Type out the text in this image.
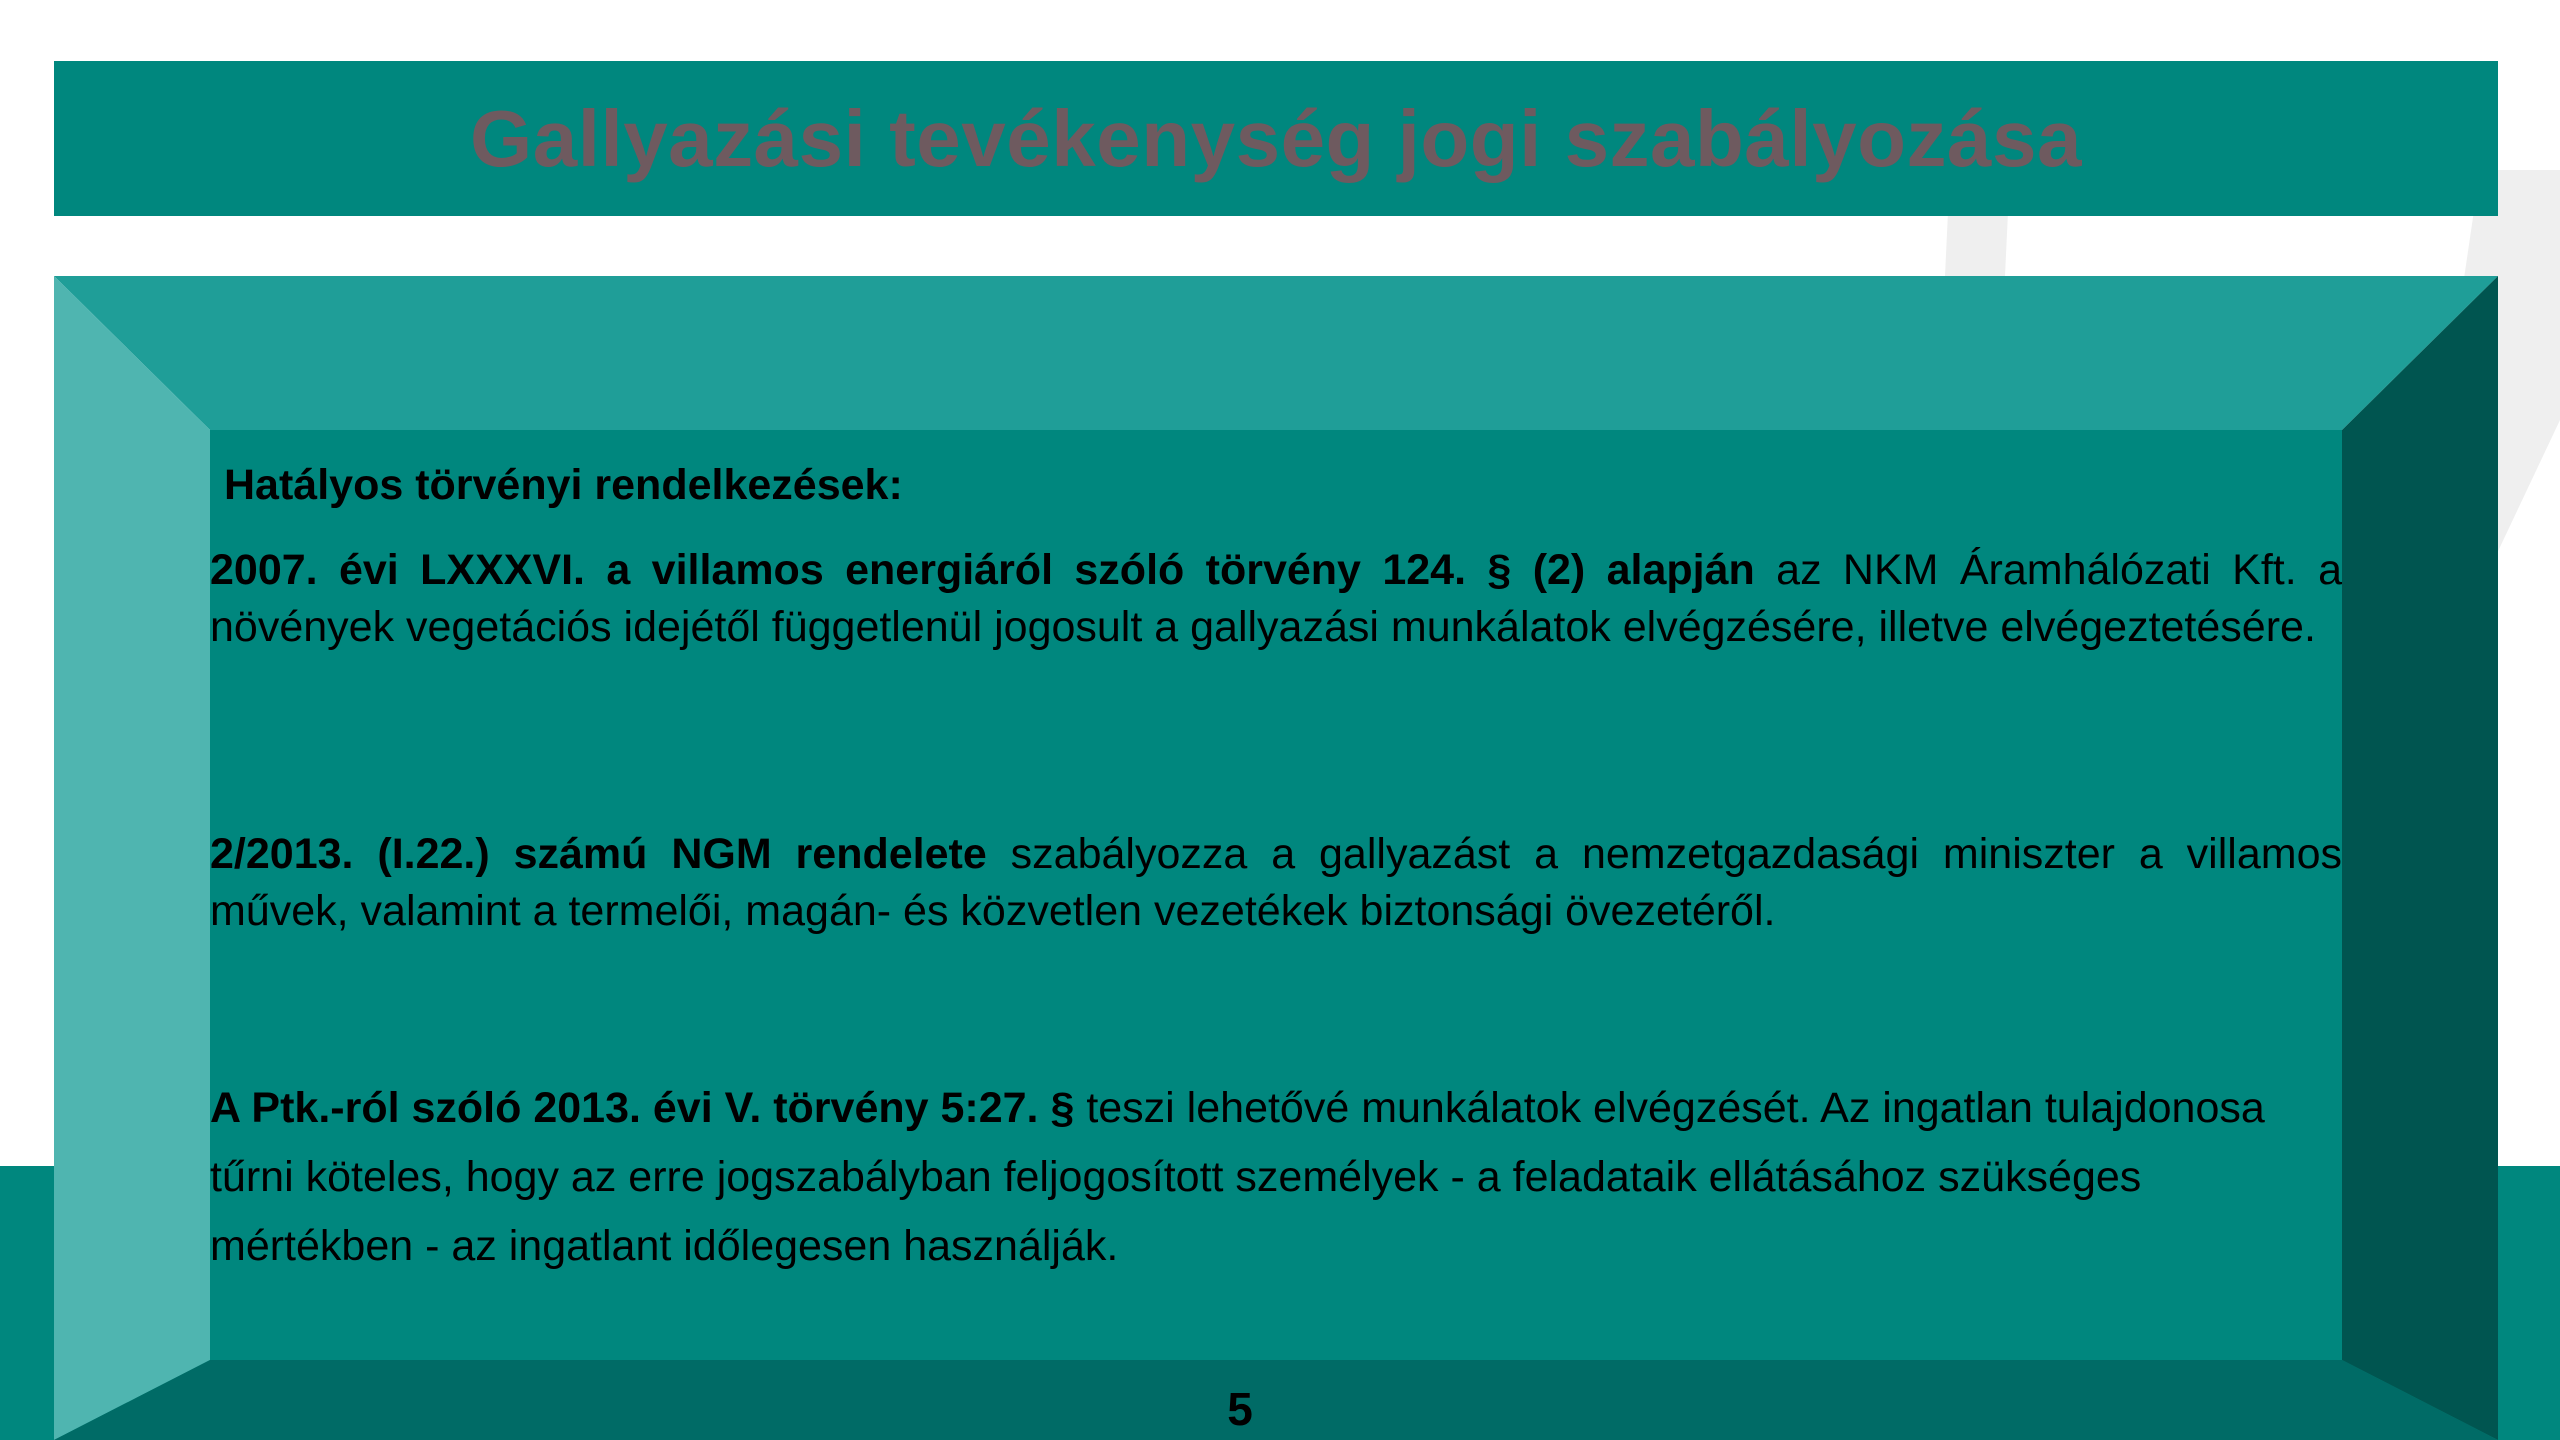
Gallyazási tevékenység jogi szabályozása

Hatályos törvényi rendelkezések:

2007. évi LXXXVI. a villamos energiáról szóló törvény 124. § (2) alapján az NKM Áramhálózati Kft. a növények vegetációs idejétől függetlenül jogosult a gallyazási munkálatok elvégzésére, illetve elvégeztetésére.

2/2013. (I.22.) számú NGM rendelete szabályozza a gallyazást a nemzetgazdasági miniszter a villamos művek, valamint a termelői, magán- és közvetlen vezetékek biztonsági övezetéről.

A Ptk.-ról szóló 2013. évi V. törvény 5:27. § teszi lehetővé munkálatok elvégzését. Az ingatlan tulajdonosa tűrni köteles, hogy az erre jogszabályban feljogosított személyek - a feladataik ellátásához szükséges mértékben - az ingatlant időlegesen használják.

5
